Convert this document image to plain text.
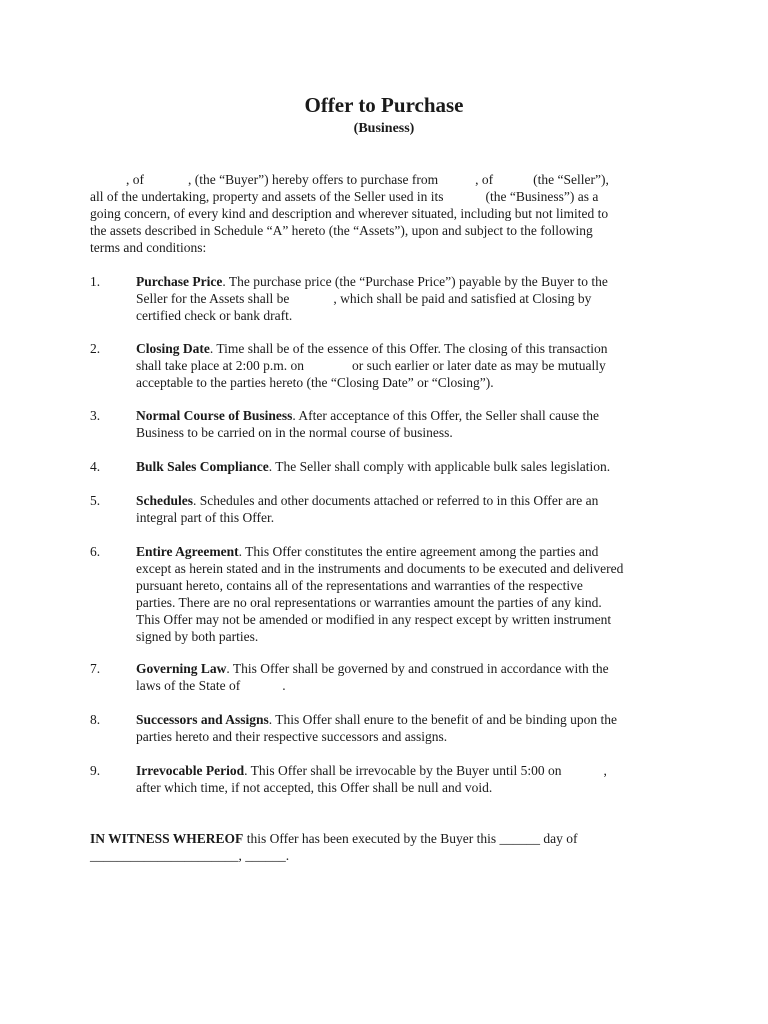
Offer to Purchase
(Business)
, of	, (the “Buyer”) hereby offers to purchase from	, of	(the “Seller”),
all of the undertaking, property and assets of the Seller used in its	(the “Business”) as a
going concern, of every kind and description and wherever situated, including but not limited to
the assets described in Schedule “A” hereto (the “Assets”), upon and subject to the following
terms and conditions:
1.	Purchase Price. The purchase price (the “Purchase Price”) payable by the Buyer to the
Seller for the Assets shall be	, which shall be paid and satisfied at Closing by
certified check or bank draft.
2.	Closing Date. Time shall be of the essence of this Offer. The closing of this transaction
shall take place at 2:00 p.m. on	or such earlier or later date as may be mutually
acceptable to the parties hereto (the “Closing Date” or “Closing”).
3.	Normal Course of Business. After acceptance of this Offer, the Seller shall cause the
Business to be carried on in the normal course of business.
4.	Bulk Sales Compliance. The Seller shall comply with applicable bulk sales legislation.
5.	Schedules. Schedules and other documents attached or referred to in this Offer are an
integral part of this Offer.
6.	Entire Agreement. This Offer constitutes the entire agreement among the parties and
except as herein stated and in the instruments and documents to be executed and delivered
pursuant hereto, contains all of the representations and warranties of the respective
parties. There are no oral representations or warranties amount the parties of any kind.
This Offer may not be amended or modified in any respect except by written instrument
signed by both parties.
7.	Governing Law. This Offer shall be governed by and construed in accordance with the
laws of the State of	.
8.	Successors and Assigns. This Offer shall enure to the benefit of and be binding upon the
parties hereto and their respective successors and assigns.
9.	Irrevocable Period. This Offer shall be irrevocable by the Buyer until 5:00 on	,
after which time, if not accepted, this Offer shall be null and void.
IN WITNESS WHEREOF this Offer has been executed by the Buyer this ______ day of
______________________, ______.
